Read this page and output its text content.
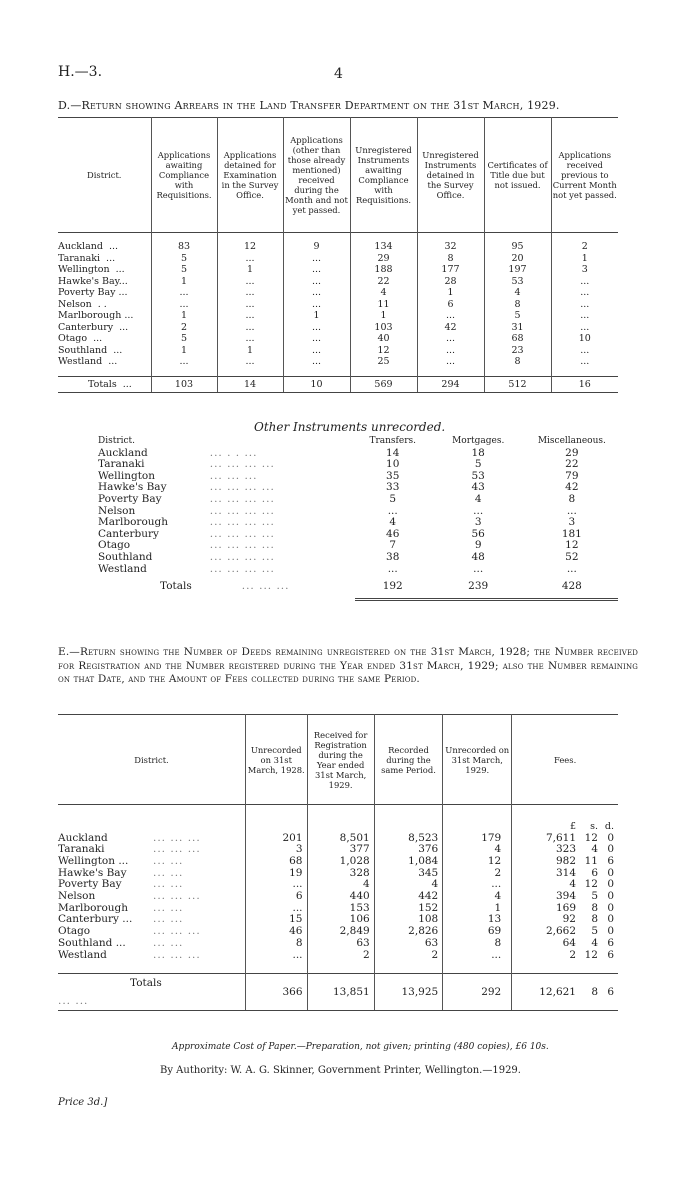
H.—3.	4
D.—Return showing Arrears in the Land Transfer Department on the 31st March, 1929.
District.	Applications awaiting Compliance with Requisitions.	Applications detained for Examination in the Survey Office.	Applications (other than those already mentioned) received during the Month and not yet passed.	Unregistered Instruments awaiting Compliance with Requisitions.	Unregistered Instruments detained in the Survey Office.	Certificates of Title due but not issued.	Applications received previous to Current Month not yet passed.

Auckland ...	83	12	9	134	32	95	2
Taranaki ...	5	...	...	29	8	20	1
Wellington ...	5	1	...	188	177	197	3
Hawke's Bay...	1	...	...	22	28	53	...
Poverty Bay ...	...	...	...	4	1	4	...
Nelson . .	...	...	...	11	6	8	...
Marlborough ...	1	...	1	1	...	5	...
Canterbury ...	2	...	...	103	42	31	...
Otago ...	5	...	...	40	...	68	10
Southland ...	1	1	...	12	...	23	...
Westland ...	...	...	...	25	...	8	...

Totals ...	103	14	10	569	294	512	16
Other Instruments unrecorded.
District.		Transfers.	Mortgages.	Miscellaneous.
Auckland	... . . ...	14	18	29
Taranaki	... ... ... ...	10	5	22
Wellington	... ... ...	35	53	79
Hawke's Bay	... ... ... ...	33	43	42
Poverty Bay	... ... ... ...	5	4	8
Nelson	... ... ... ...	...	...	...
Marlborough	... ... ... ...	4	3	3
Canterbury	... ... ... ...	46	56	181
Otago	... ... ... ...	7	9	12
Southland	... ... ... ...	38	48	52
Westland	... ... ... ...	...	...	...
Totals	... ... ...	192	239	428
E.—Return showing the Number of Deeds remaining unregistered on the 31st March, 1928; the Number received for Registration and the Number registered during the Year ended 31st March, 1929; also the Number remaining on that Date, and the Amount of Fees collected during the same Period.
District.	Unrecorded on 31st March, 1928.	Received for Registration during the Year ended 31st March, 1929.	Recorded during the same Period.	Unrecorded on 31st March, 1929.	Fees.
					£ s. d.
Auckland ... ... ...	201	8,501	8,523	179	7,611 12 0
Taranaki ... ... ...	3	377	376	4	323 4 0
Wellington ... ... ...	68	1,028	1,084	12	982 11 6
Hawke's Bay ... ...	19	328	345	2	314 6 0
Poverty Bay ... ...	...	4	4	...	4 12 0
Nelson ... ... ...	6	440	442	4	394 5 0
Marlborough ... ...	...	153	152	1	169 8 0
Canterbury ... ... ...	15	106	108	13	92 8 0
Otago ... ... ...	46	2,849	2,826	69	2,662 5 0
Southland ... ... ...	8	63	63	8	64 4 6
Westland ... ... ...	...	2	2	...	2 12 6

Totals... ...	366	13,851	13,925	292	12,621 8 6
Approximate Cost of Paper.—Preparation, not given; printing (480 copies), £6 10s.
By Authority: W. A. G. Skinner, Government Printer, Wellington.—1929.
Price 3d.]
